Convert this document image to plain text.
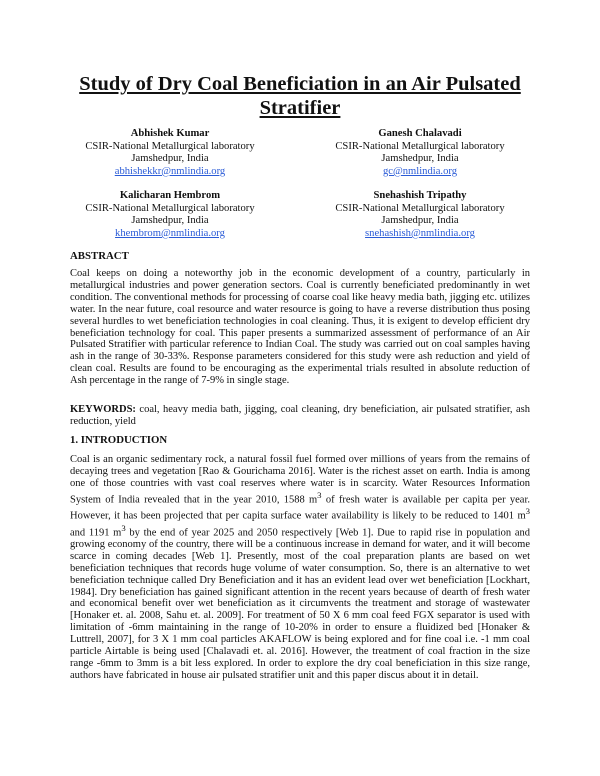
Study of Dry Coal Beneficiation in an Air Pulsated Stratifier
Abhishek Kumar
CSIR-National Metallurgical laboratory
Jamshedpur, India
abhishekkr@nmlindia.org
Ganesh Chalavadi
CSIR-National Metallurgical laboratory
Jamshedpur, India
gc@nmlindia.org
Kalicharan Hembrom
CSIR-National Metallurgical laboratory
Jamshedpur, India
khembrom@nmlindia.org
Snehashish Tripathy
CSIR-National Metallurgical laboratory
Jamshedpur, India
snehashish@nmlindia.org
ABSTRACT

Coal keeps on doing a noteworthy job in the economic development of a country, particularly in metallurgical industries and power generation sectors. Coal is currently beneficiated predominantly in wet condition. The conventional methods for processing of coarse coal like heavy media bath, jigging etc. utilizes water. In the near future, coal resource and water resource is going to have a reverse distribution thus posing several hurdles to wet beneficiation technologies in coal cleaning. Thus, it is exigent to develop efficient dry beneficiation technology for coal. This paper presents a summarized assessment of performance of an Air Pulsated Stratifier with particular reference to Indian Coal. The study was carried out on coal samples having ash in the range of 30-33%. Response parameters considered for this study were ash reduction and yield of clean coal. Results are found to be encouraging as the experimental trials resulted in absolute reduction of Ash percentage in the range of 7-9% in single stage.

KEYWORDS: coal, heavy media bath, jigging, coal cleaning, dry beneficiation, air pulsated stratifier, ash reduction, yield

1. INTRODUCTION

Coal is an organic sedimentary rock, a natural fossil fuel formed over millions of years from the remains of decaying trees and vegetation [Rao & Gourichama 2016]. Water is the richest asset on earth. India is among one of those countries with vast coal reserves where water is in scarcity. Water Resources Information System of India revealed that in the year 2010, 1588 $m^3$ of fresh water is available per capita per year. However, it has been projected that per capita surface water availability is likely to be reduced to 1401 $m^3$ and 1191 $m^3$ by the end of year 2025 and 2050 respectively [Web 1]. Due to rapid rise in population and growing economy of the country, there will be a continuous increase in demand for water, and it will become scarce in coming decades [Web 1]. Presently, most of the coal preparation plants are based on wet beneficiation techniques that records huge volume of water consumption. So, there is an alternative to wet beneficiation technique called Dry Beneficiation and it has an evident lead over wet beneficiation [Lockhart, 1984]. Dry beneficiation has gained significant attention in the recent years because of dearth of fresh water and economical benefit over wet beneficiation as it circumvents the treatment and storage of wastewater [Honaker et. al. 2008, Sahu et. al. 2009]. For treatment of 50 X 6 mm coal feed FGX separator is used with limitation of -6mm maintaining in the range of 10-20% in order to ensure a fluidized bed [Honaker & Luttrell, 2007], for 3 X 1 mm coal particles AKAFLOW is being explored and for fine coal i.e. -1 mm coal particle Airtable is being used [Chalavadi et. al. 2016]. However, the treatment of coal fraction in the size range -6mm to 3mm is a bit less explored. In order to explore the dry coal beneficiation in this size range, authors have fabricated in house air pulsated stratifier unit and this paper discus about it in detail.
